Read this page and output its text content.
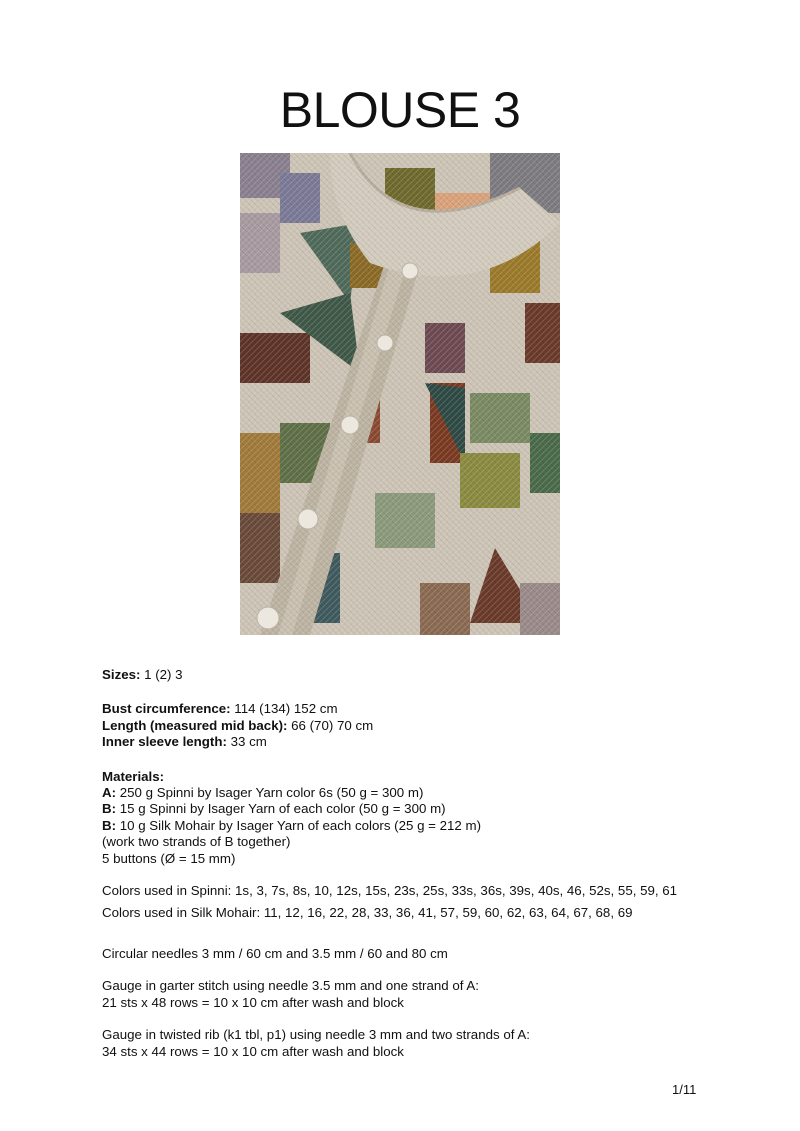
BLOUSE 3
Sizes: 1 (2) 3
Bust circumference: 114 (134) 152 cm
Length (measured mid back): 66 (70) 70 cm
Inner sleeve length: 33 cm
Materials:
A: 250 g Spinni by Isager Yarn color 6s (50 g = 300 m)
B: 15 g Spinni by Isager Yarn of each color (50 g = 300 m)
B: 10 g Silk Mohair by Isager Yarn of each colors (25 g = 212 m)
(work two strands of B together)
5 buttons (Ø = 15 mm)
Colors used in Spinni: 1s, 3, 7s, 8s, 10, 12s, 15s, 23s, 25s, 33s, 36s, 39s, 40s, 46, 52s, 55, 59, 61
Colors used in Silk Mohair: 11, 12, 16, 22, 28, 33, 36, 41, 57, 59, 60, 62, 63, 64, 67, 68, 69
Circular needles 3 mm / 60 cm and 3.5 mm / 60 and 80 cm
Gauge in garter stitch using needle 3.5 mm and one strand of A:
21 sts x 48 rows = 10 x 10 cm after wash and block
Gauge in twisted rib (k1 tbl, p1) using needle 3 mm and two strands of A:
34 sts x 44 rows = 10 x 10 cm after wash and block
1/11
